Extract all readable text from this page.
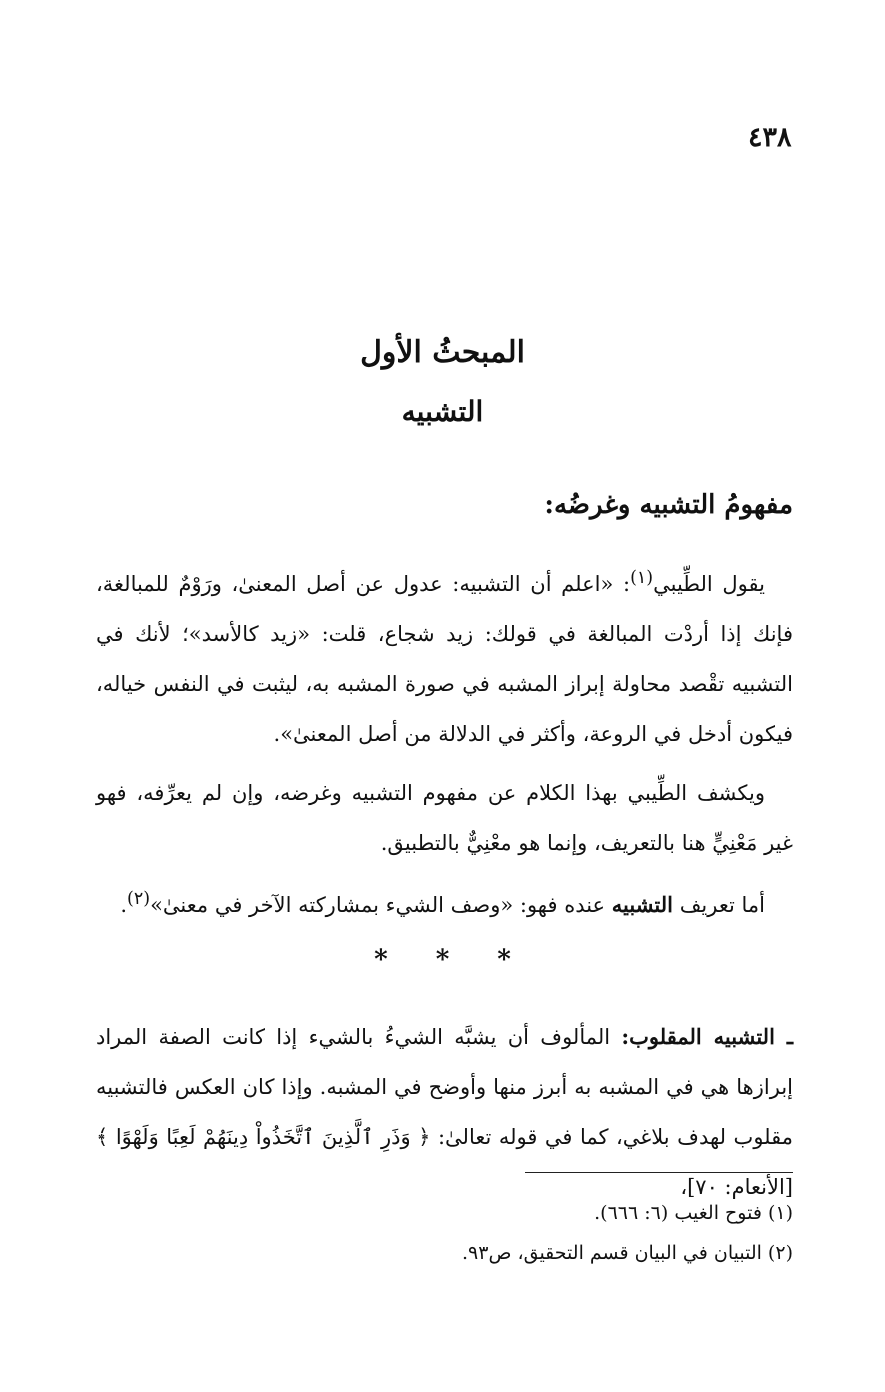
٤٣٨
المبحثُ الأول
التشبيه
مفهومُ التشبيه وغرضُه:
يقول الطِّيبي$^{(١)}$: «اعلم أن التشبيه: عدول عن أصل المعنىٰ، ورَوْمٌ للمبالغة، فإنك إذا أردْت المبالغة في قولك: زيد شجاع، قلت: «زيد كالأسد»؛ لأنك في التشبيه تقْصد محاولة إبراز المشبه في صورة المشبه به، ليثبت في النفس خياله، فيكون أدخل في الروعة، وأكثر في الدلالة من أصل المعنىٰ».
ويكشف الطِّيبي بهذا الكلام عن مفهوم التشبيه وغرضه، وإن لم يعرِّفه، فهو غير مَعْنِيٍّ هنا بالتعريف، وإنما هو معْنِيٌّ بالتطبيق.
أما تعريف التشبيه عنده فهو: «وصف الشيء بمشاركته الآخر في معنىٰ»$^{(٢)}$.
***
ـ التشبيه المقلوب: المألوف أن يشبَّه الشيءُ بالشيء إذا كانت الصفة المراد إبرازها هي في المشبه به أبرز منها وأوضح في المشبه. وإذا كان العكس فالتشبيه مقلوب لهدف بلاغي، كما في قوله تعالىٰ: ﴿ وَذَرِ ٱلَّذِينَ ٱتَّخَذُواْ دِينَهُمْ لَعِبًا وَلَهْوًا ﴾ [الأنعام: ٧٠]،
(١) فتوح الغيب (٦: ٦٦٦).
(٢) التبيان في البيان قسم التحقيق، ص٩٣.
